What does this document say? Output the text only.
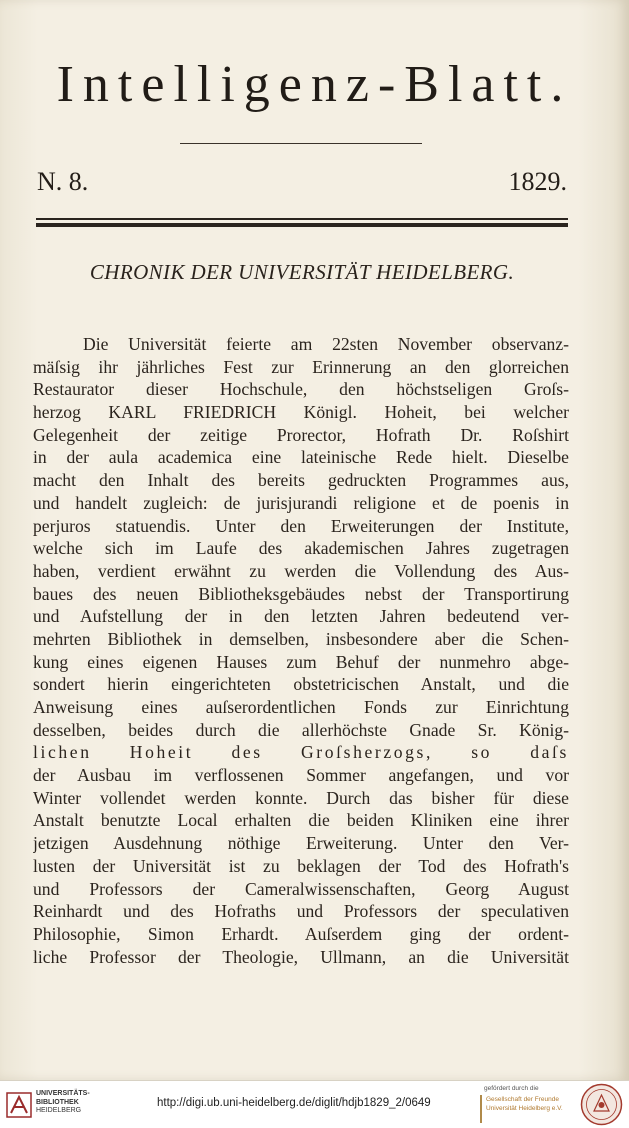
Intelligenz-Blatt.
N. 8.	1829.
CHRONIK DER UNIVERSITÄT HEIDELBERG.
Die Universität feierte am 22sten November observanz-
mäſsig ihr jährliches Fest zur Erinnerung an den glorreichen
Restaurator dieser Hochschule, den höchstseligen Groſs-
herzog KARL FRIEDRICH Königl. Hoheit, bei welcher
Gelegenheit der zeitige Prorector, Hofrath Dr. Roſshirt
in der aula academica eine lateinische Rede hielt. Dieselbe
macht den Inhalt des bereits gedruckten Programmes aus,
und handelt zugleich: de jurisjurandi religione et de poenis in
perjuros statuendis. Unter den Erweiterungen der Institute,
welche sich im Laufe des akademischen Jahres zugetragen
haben, verdient erwähnt zu werden die Vollendung des Aus-
baues des neuen Bibliotheksgebäudes nebst der Transportirung
und Aufstellung der in den letzten Jahren bedeutend ver-
mehrten Bibliothek in demselben, insbesondere aber die Schen-
kung eines eigenen Hauses zum Behuf der nunmehro abge-
sondert hierin eingerichteten obstetricischen Anstalt, und die
Anweisung eines auſserordentlichen Fonds zur Einrichtung
desselben, beides durch die allerhöchste Gnade Sr. König-
lichen Hoheit des Groſsherzogs, so daſs
der Ausbau im verflossenen Sommer angefangen, und vor
Winter vollendet werden konnte. Durch das bisher für diese
Anstalt benutzte Local erhalten die beiden Kliniken eine ihrer
jetzigen Ausdehnung nöthige Erweiterung. Unter den Ver-
lusten der Universität ist zu beklagen der Tod des Hofrath's
und Professors der Cameralwissenschaften, Georg August
Reinhardt und des Hofraths und Professors der speculativen
Philosophie, Simon Erhardt. Auſserdem ging der ordent-
liche Professor der Theologie, Ullmann, an die Universität
UNIVERSITÄTS-
BIBLIOTHEK
HEIDELBERG
http://digi.ub.uni-heidelberg.de/diglit/hdjb1829_2/0649
gefördert durch die
Gesellschaft der Freunde
Universität Heidelberg e.V.
